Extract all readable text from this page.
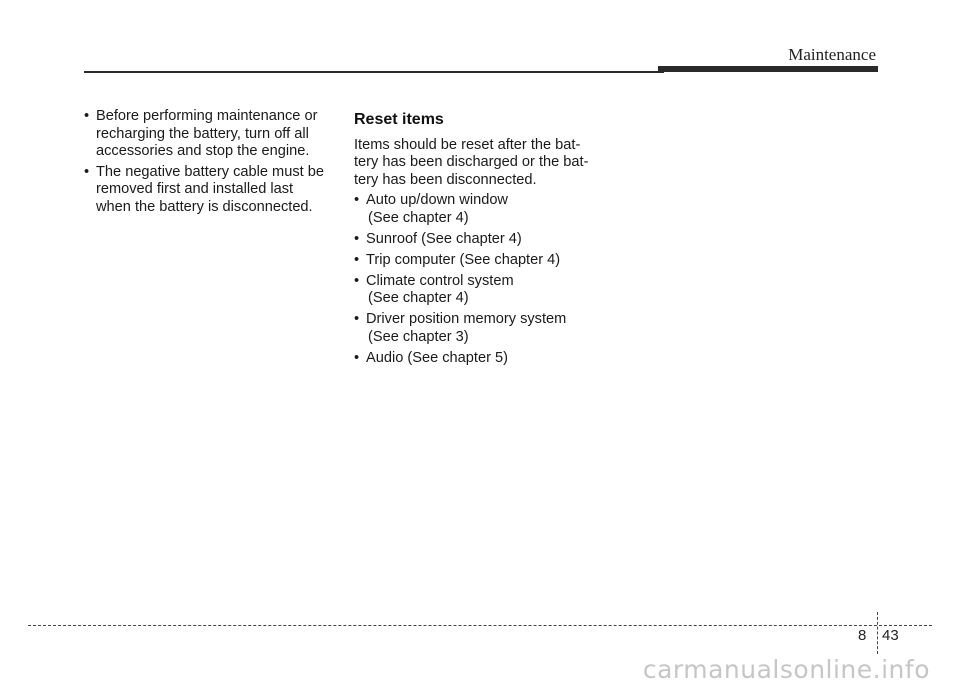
Maintenance
• Before performing maintenance or
recharging the battery, turn off all
accessories and stop the engine.
• The negative battery cable must be
removed first and installed last
when the battery is disconnected.
Reset items
Items should be reset after the bat-
tery has been discharged or the bat-
tery has been disconnected.
• Auto up/down window
(See chapter 4)
• Sunroof (See chapter 4)
• Trip computer (See chapter 4)
• Climate control system
(See chapter 4)
• Driver position memory system
(See chapter 3)
• Audio (See chapter 5)
8 43
carmanualsonline.info
